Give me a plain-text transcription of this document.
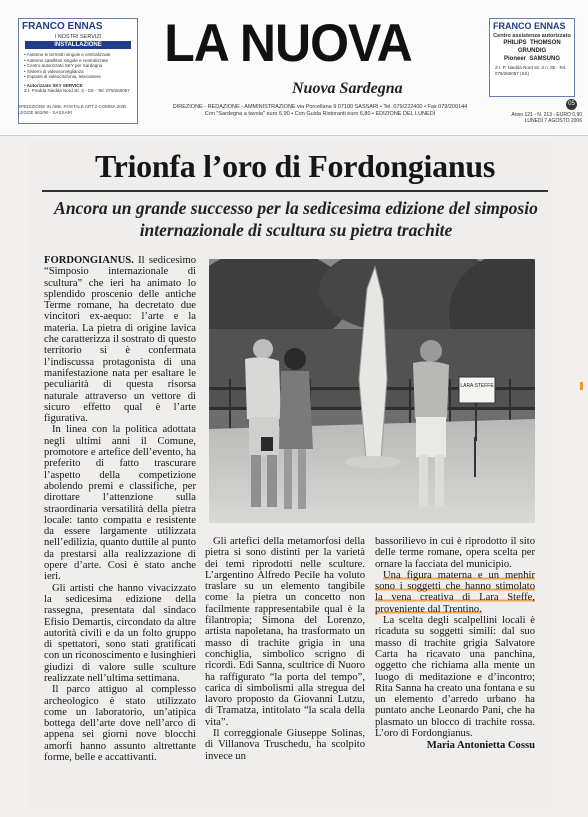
FRANCO ENNAS
I NOSTRI SERVIZI
INSTALLAZIONE
• Antenne tv terrestri singole e centralizzate
• Antenne satellitari singole e centralizzate
• Centro autorizzato SKY per Sardegna
• Sistemi di videosorveglianza
• Impianti di videocitofonia, telecamere
• Autorizzato SKY SERVICE
Z.I. Predda Niedda Nord str. 3 - SS - Tel. 079/260057
FRANCO ENNAS
Centro assistenza autorizzato
PHILIPS THOMSON
GRUNDIG
Pioneer SAMSUNG
Z.I. P. Niedda Nord str. 3 n. 85 - Tel. 079/260057 (SS)
LA NUOVA
Nuova Sardegna
SPEDIZIONE IN ABB. POSTALE ART.2 COMMA 20/B LEGGE 662/96 - SASSARI
DIREZIONE - REDAZIONE - AMMINISTRAZIONE via Porcellana 9 07100 SASSARI • Tel. 079/222400 • Fax 079/200144
Con "Sardegna a tavola" euro 6,90 • Con Guida Ristoranti euro 6,80 • EDIZIONE DEL LUNEDÌ
05
Anno 121 - N. 213 - EURO 0,90
LUNEDÌ 7 AGOSTO 2006
Trionfa l’oro di Fordongianus
Ancora un grande successo per la sedicesima edizione del simposio internazionale di scultura su pietra trachite

FORDONGIANUS. Il sedicesimo “Simposio internazionale di scultura” che ieri ha animato lo splendido proscenio delle antiche Terme romane, ha decretato due vincitori ex-aequo: l’arte e la materia. La pietra di origine lavica che caratterizza il sostrato di questo territorio si è confermata l’indiscussa protagonista di una manifestazione nata per esaltare le peculiarità di questa risorsa naturale attraverso un vettore di sicuro effetto qual è l’arte figurativa.

In linea con la politica adottata negli ultimi anni il Comune, promotore e artefice dell’evento, ha preferito di fatto trascurare l’aspetto della competizione abolendo premi e classifiche, per dirottare l’attenzione sulla straordinaria versatilità della pietra locale: tanto compatta e resistente da essere largamente utilizzata nell’edilizia, quanto duttile al punto da prestarsi alla realizzazione di opere d’arte. Così è stato anche ieri.

Gli artisti che hanno vivacizzato la sedicesima edizione della rassegna, presentata dal sindaco Efisio Demartis, circondato da altre autorità civili e da un folto gruppo di spettatori, sono stati gratificati con un riconoscimento e lusinghieri giudizi di valore sulle sculture realizzate nell’ultima settimana.

Il parco attiguo al complesso archeologico è stato utilizzato come un laboratorio, un’atipica bottega dell’arte dove nell’arco di appena sei giorni nove blocchi amorfi hanno assunto altrettante forme, belle e accattivanti.

LARA STEFFE

Gli artefici della metamorfosi della pietra si sono distinti per la varietà dei temi riprodotti nelle sculture. L’argentino Alfredo Pecile ha voluto traslare su un elemento tangibile come la pietra un concetto non facilmente rappresentabile qual è la filantropia; Simona del Lorenzo, artista napoletana, ha trasformato un masso di trachite grigia in una conchiglia, simbolico scrigno di ricordi. Edi Sanna, scultrice di Nuoro ha raffigurato “la porta del tempo”, carica di simbolismi alla stregua del lavoro proposto da Giovanni Lutzu, di Tramatza, intitolato “la scala della vita”.

Il correggionale Giuseppe Solinas, di Villanova Truschedu, ha scolpito invece un

bassorilievo in cui è riprodotto il sito delle terme romane, opera scelta per ornare la facciata del municipio.

Una figura materna e un menhir sono i soggetti che hanno stimolato la vena creativa di Lara Steffe, proveniente dal Trentino.

La scelta degli scalpellini locali è ricaduta su soggetti simili: dal suo masso di trachite grigia Salvatore Carta ha ricavato una panchina, oggetto che richiama alla mente un luogo di meditazione e d’incontro; Rita Sanna ha creato una fontana e su un elemento d’arredo urbano ha puntato anche Leonardo Pani, che ha plasmato un blocco di trachite rossa. L’oro di Fordongianus.

Maria Antonietta Cossu
